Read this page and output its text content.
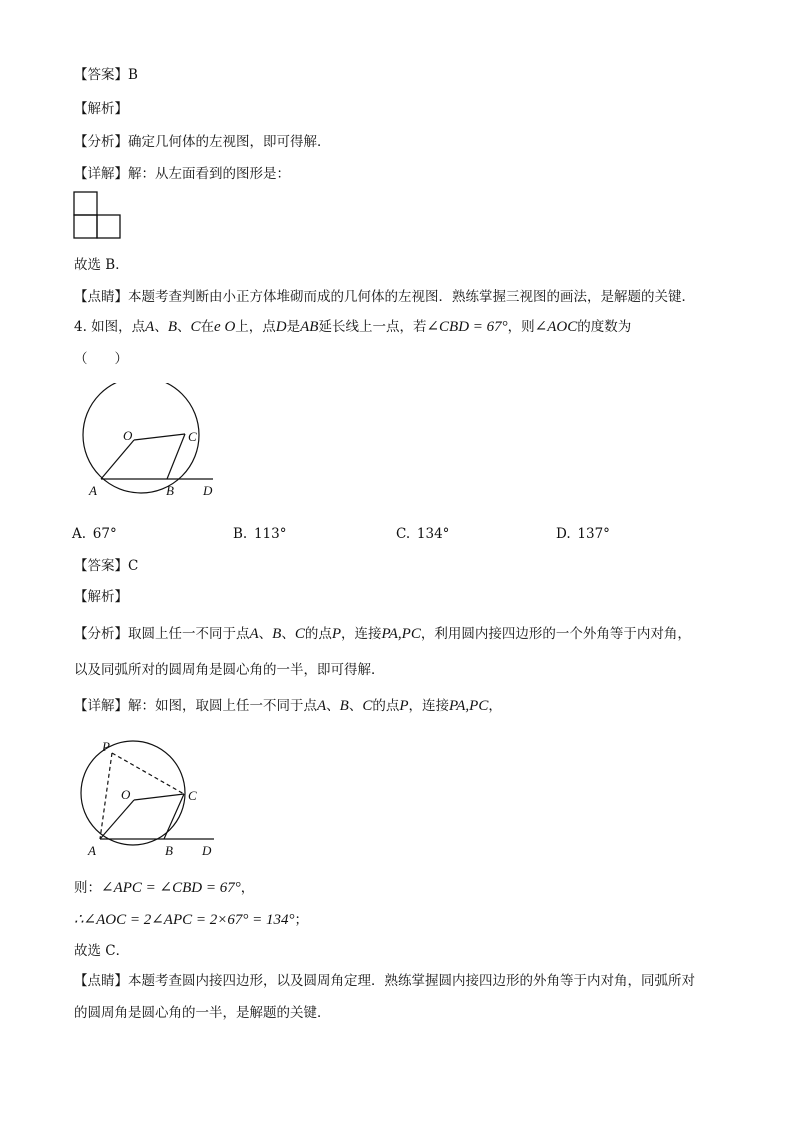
【答案】B
【解析】
【分析】确定几何体的左视图，即可得解．
【详解】解：从左面看到的图形是：
故选 B．
【点睛】本题考查判断由小正方体堆砌而成的几何体的左视图．熟练掌握三视图的画法，是解题的关键．
4. 如图，点A、B、C在e O上，点D是AB延长线上一点，若∠CBD = 67°，则∠AOC的度数为
（　　）
O	C
A	B D
A.  67°	B.  113°	C.  134°	D.  137°
【答案】C
【解析】
【分析】取圆上任一不同于点A、B、C的点P，连接PA,PC，利用圆内接四边形的一个外角等于内对角，
以及同弧所对的圆周角是圆心角的一半，即可得解．
【详解】解：如图，取圆上任一不同于点A、B、C的点P，连接PA,PC，
P
O	C
A	B D
则：∠APC = ∠CBD = 67°，
∴∠AOC = 2∠APC = 2×67° = 134°；
故选 C．
【点睛】本题考查圆内接四边形，以及圆周角定理．熟练掌握圆内接四边形的外角等于内对角，同弧所对
的圆周角是圆心角的一半，是解题的关键．
